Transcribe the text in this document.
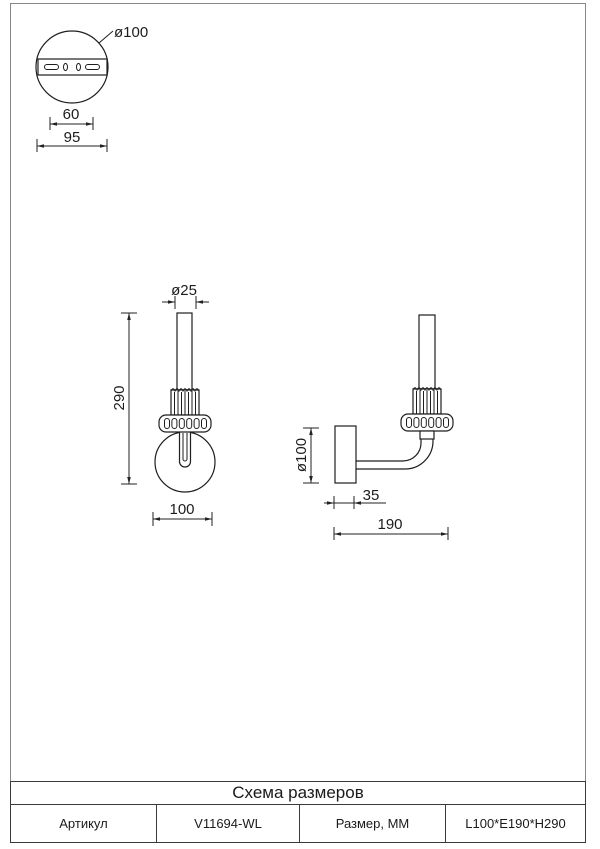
ø100
60
95
ø25
290
100
ø100
35
190
Схема размеров
Артикул	V11694-WL	Размер, ММ	L100*E190*H290
